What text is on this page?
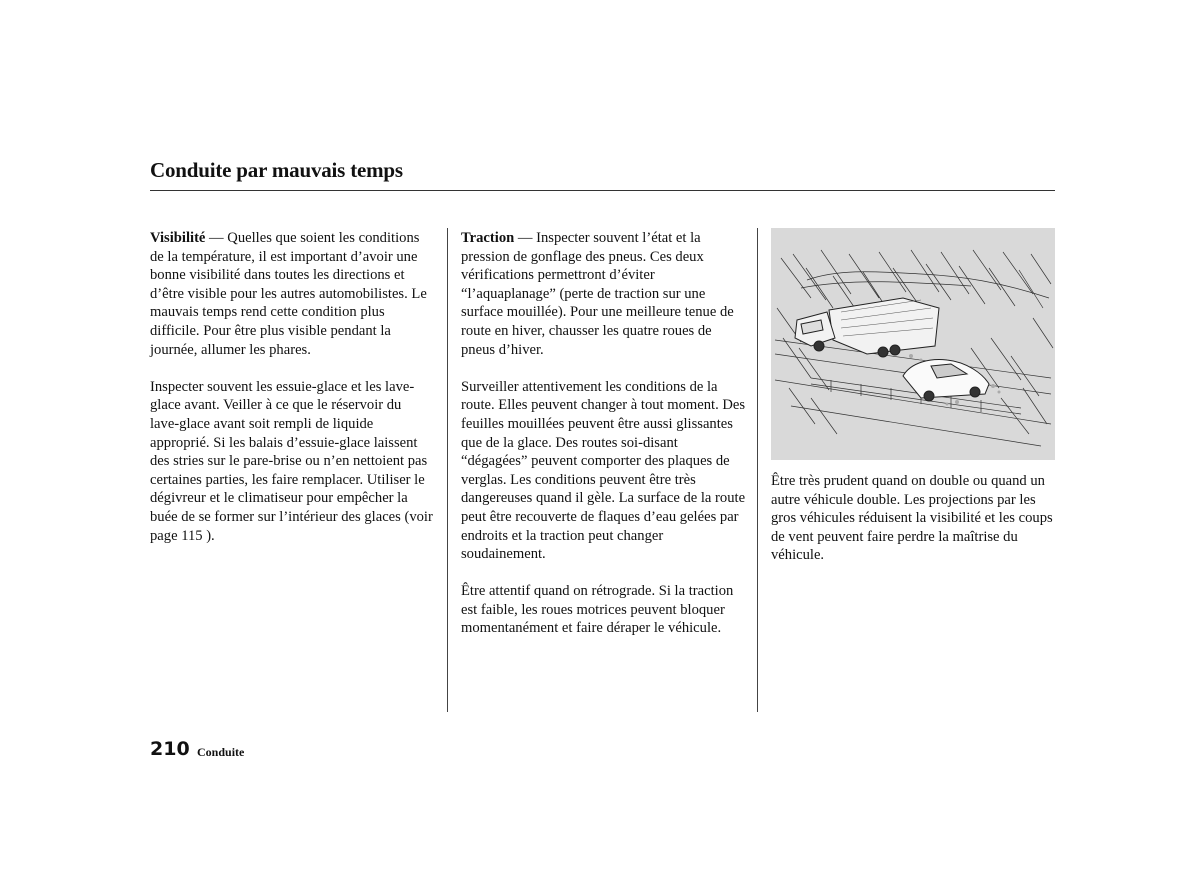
Conduite par mauvais temps

Visibilité — Quelles que soient les conditions de la température, il est important d’avoir une bonne visibilité dans toutes les directions et d’être visible pour les autres automobilistes. Le mauvais temps rend cette condition plus difficile. Pour être plus visible pendant la journée, allumer les phares.

Inspecter souvent les essuie-glace et les lave-glace avant. Veiller à ce que le réservoir du lave-glace avant soit rempli de liquide approprié. Si les balais d’essuie-glace laissent des stries sur le pare-brise ou n’en nettoient pas certaines parties, les faire remplacer. Utiliser le dégivreur et le climatiseur pour empêcher la buée de se former sur l’intérieur des glaces (voir page 115 ).

Traction — Inspecter souvent l’état et la pression de gonflage des pneus. Ces deux vérifications permettront d’éviter “l’aquaplanage” (perte de traction sur une surface mouillée). Pour une meilleure tenue de route en hiver, chausser les quatre roues de pneus d’hiver.

Surveiller attentivement les conditions de la route. Elles peuvent changer à tout moment. Des feuilles mouillées peuvent être aussi glissantes que de la glace. Des routes soi-disant “dégagées” peuvent comporter des plaques de verglas. Les conditions peuvent être très dangereuses quand il gèle. La surface de la route peut être recouverte de flaques d’eau gelées par endroits et la traction peut changer soudainement.

Être attentif quand on rétrograde. Si la traction est faible, les roues motrices peuvent bloquer momentanément et faire déraper le véhicule.

Être très prudent quand on double ou quand un autre véhicule double. Les projections par les gros véhicules réduisent la visibilité et les coups de vent peuvent faire perdre la maîtrise du véhicule.

210 Conduite
